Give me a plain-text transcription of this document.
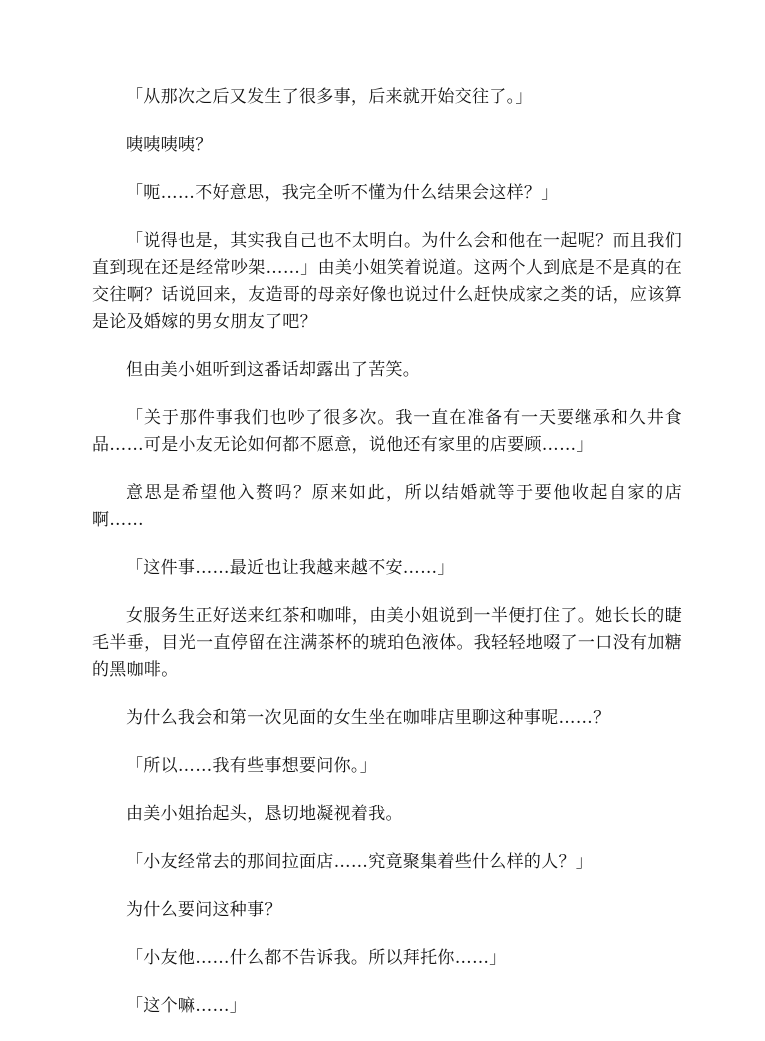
「从那次之后又发生了很多事，后来就开始交往了。」

咦咦咦咦？

「呃……不好意思，我完全听不懂为什么结果会这样？」

「说得也是，其实我自己也不太明白。为什么会和他在一起呢？而且我们直到现在还是经常吵架……」由美小姐笑着说道。这两个人到底是不是真的在交往啊？话说回来，友造哥的母亲好像也说过什么赶快成家之类的话，应该算是论及婚嫁的男女朋友了吧？

但由美小姐听到这番话却露出了苦笑。

「关于那件事我们也吵了很多次。我一直在准备有一天要继承和久井食品……可是小友无论如何都不愿意，说他还有家里的店要顾……」

意思是希望他入赘吗？原来如此，所以结婚就等于要他收起自家的店啊……

「这件事……最近也让我越来越不安……」

女服务生正好送来红茶和咖啡，由美小姐说到一半便打住了。她长长的睫毛半垂，目光一直停留在注满茶杯的琥珀色液体。我轻轻地啜了一口没有加糖的黑咖啡。

为什么我会和第一次见面的女生坐在咖啡店里聊这种事呢……？

「所以……我有些事想要问你。」

由美小姐抬起头，恳切地凝视着我。

「小友经常去的那间拉面店……究竟聚集着些什么样的人？」

为什么要问这种事？

「小友他……什么都不告诉我。所以拜托你……」

「这个嘛……」
